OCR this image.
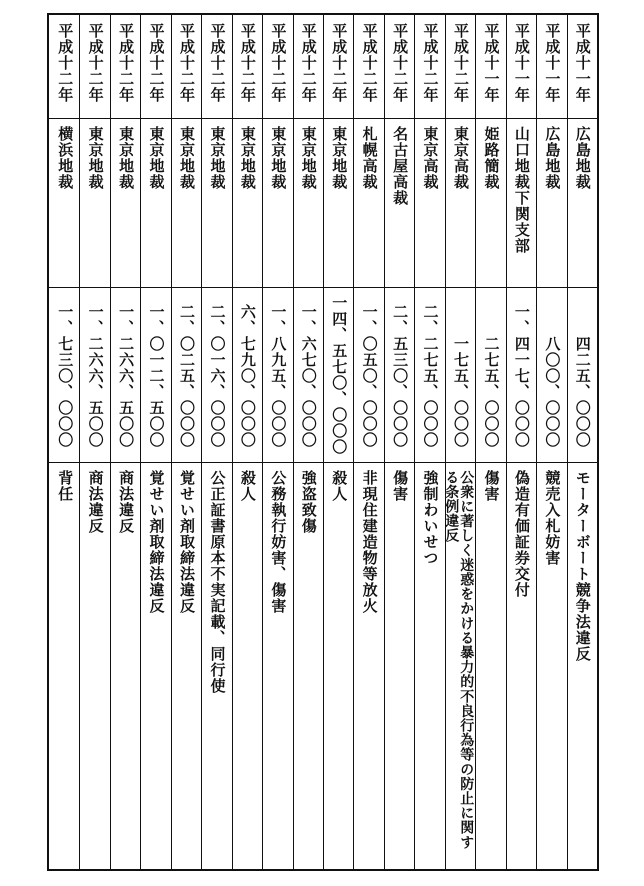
平成十一年
広島地裁
四二五、〇〇〇
モーターボート競争法違反
平成十一年
広島地裁
八〇〇、〇〇〇
競売入札妨害
平成十一年
山口地裁下関支部
一、四一七、〇〇〇
偽造有価証券交付
平成十一年
姫路簡裁
二七五、〇〇〇
傷害
平成十二年
東京高裁
一七五、〇〇〇
公衆に著しく迷惑をかける暴力的不良行為等の防止に関する条例違反
平成十二年
東京高裁
二、二七五、〇〇〇
強制わいせつ
平成十二年
名古屋高裁
二、五三〇、〇〇〇
傷害
平成十二年
札幌高裁
一、〇五〇、〇〇〇
非現住建造物等放火
平成十二年
東京地裁
一四、五七〇、〇〇〇
殺人
平成十二年
東京地裁
一、六七〇、〇〇〇
強盗致傷
平成十二年
東京地裁
一、八九五、〇〇〇
公務執行妨害、傷害
平成十二年
東京地裁
六、七九〇、〇〇〇
殺人
平成十二年
東京地裁
二、〇一六、〇〇〇
公正証書原本不実記載、同行使
平成十二年
東京地裁
二、〇二五、〇〇〇
覚せい剤取締法違反
平成十二年
東京地裁
一、〇一二、五〇〇
覚せい剤取締法違反
平成十二年
東京地裁
一、二六六、五〇〇
商法違反
平成十二年
東京地裁
一、二六六、五〇〇
商法違反
平成十二年
横浜地裁
一、七三〇、〇〇〇
背任
